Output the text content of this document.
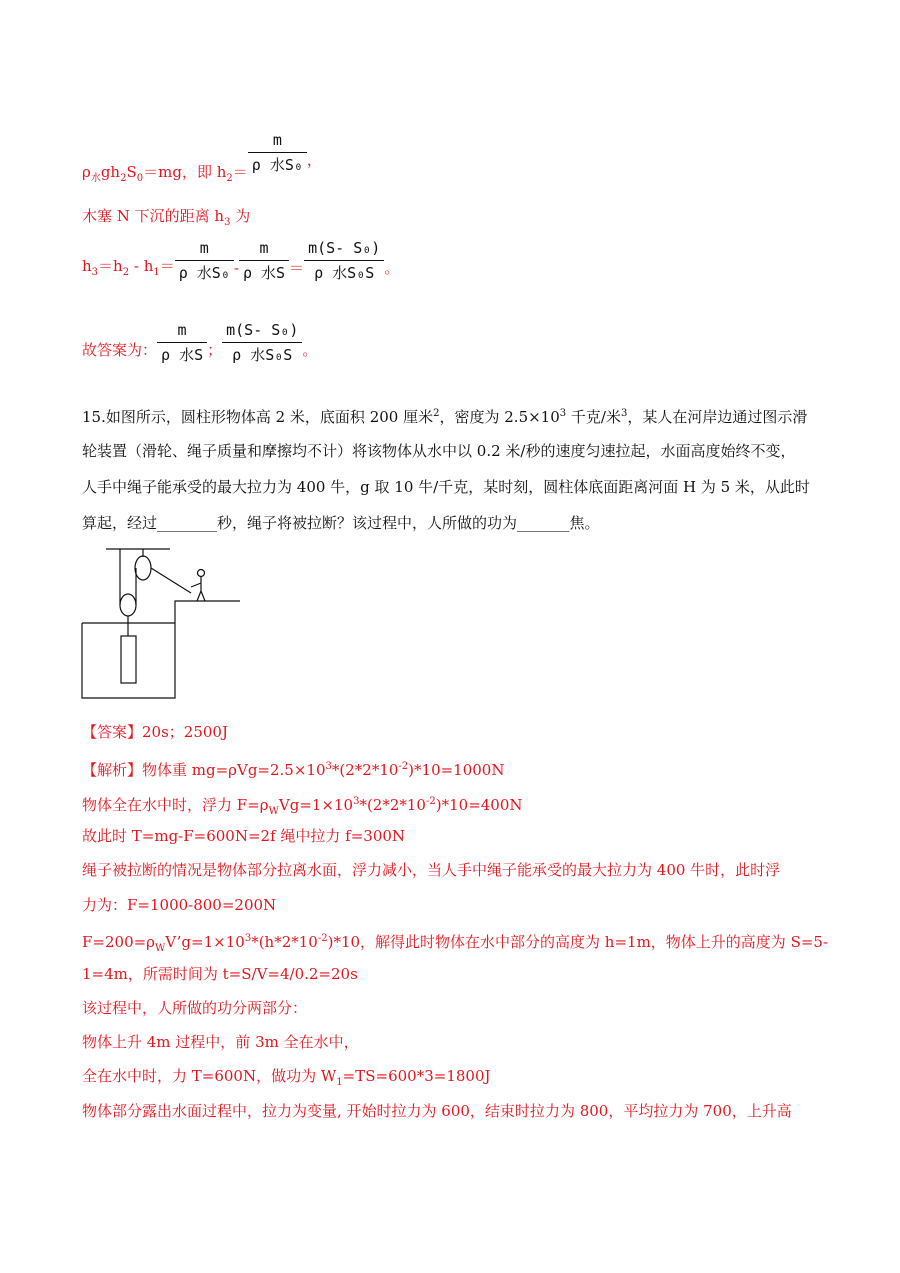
$\rho_水gh_2S_0=mg$，即 $h_2= \frac{m}{\text{ρ 水S₀}}$ ，
木塞 N 下沉的距离 $h_3$ 为
$h_3=h_2 - h_1= \frac{m}{\text{ρ 水S₀}} - \frac{m}{\text{ρ 水S}} = \frac{\text{m(S- S₀)}}{\text{ρ 水S₀S}}$ 。
故答案为： $\frac{m}{\text{ρ 水S}}$ ； $\frac{\text{m(S- S₀)}}{\text{ρ 水S₀S}}$ 。
15.如图所示，圆柱形物体高 2 米，底面积 200 厘米$^2$，密度为 $2.5\times 10^3$ 千克/米$^3$，某人在河岸边通过图示滑
轮装置（滑轮、绳子质量和摩擦均不计）将该物体从水中以 0.2 米/秒的速度匀速拉起，水面高度始终不变，
人手中绳子能承受的最大拉力为 400 牛，g 取 10 牛/千克，某时刻，圆柱体底面距离河面 H 为 5 米，从此时
算起，经过________秒，绳子将被拉断？该过程中，人所做的功为_______焦。
【答案】20s；2500J
【解析】物体重 $mg=\rho Vg=2.5\times 10^3*(2*2*10^{-2})*10=1000N$
物体全在水中时，浮力 $F=\rho_WVg=1\times 10^3*(2*2*10^{-2})*10=400N$
故此时 T=mg-F=600N=2f 绳中拉力 f=300N
绳子被拉断的情况是物体部分拉离水面，浮力减小，当人手中绳子能承受的最大拉力为 400 牛时，此时浮
力为：F=1000-800=200N
$F=200=\rho_WV’g=1\times 10^3*(h*2*10^{-2})*10$，解得此时物体在水中部分的高度为 h=1m，物体上升的高度为 S=5-
1=4m，所需时间为 t=S/V=4/0.2=20s
该过程中，人所做的功分两部分：
物体上升 4m 过程中，前 3m 全在水中，
全在水中时，力 T=600N，做功为 $W_1=TS=600*3=1800J$
物体部分露出水面过程中，拉力为变量, 开始时拉力为 600，结束时拉力为 800，平均拉力为 700，上升高
